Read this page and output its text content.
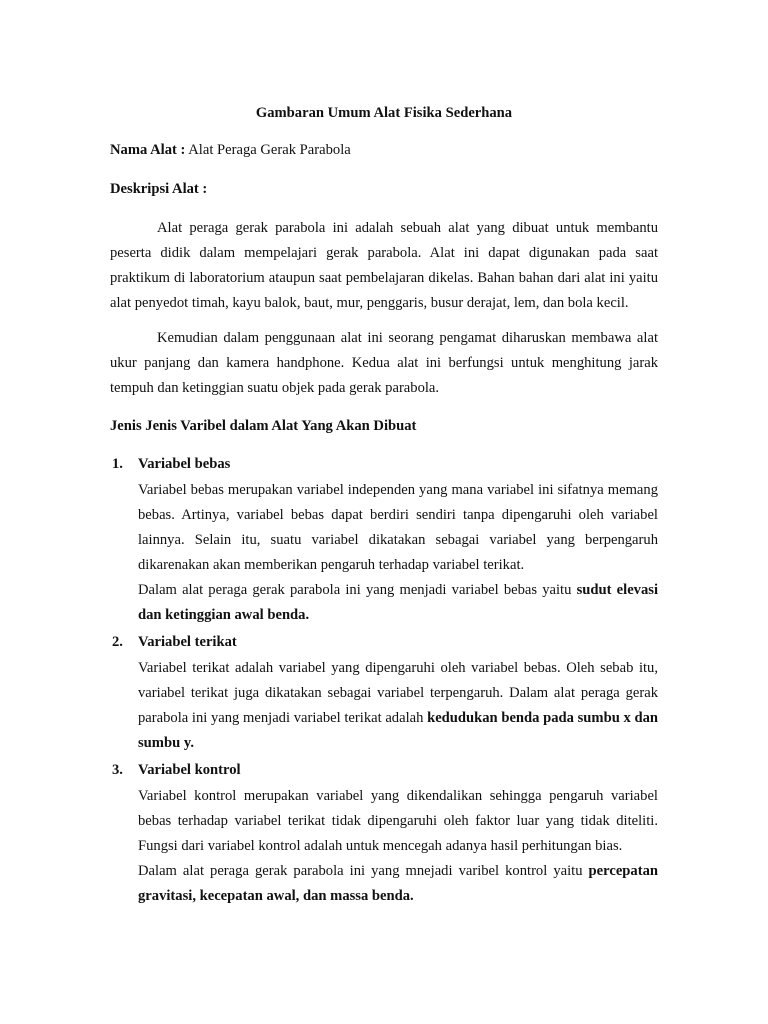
Gambaran Umum Alat Fisika Sederhana
Nama Alat : Alat Peraga Gerak Parabola
Deskripsi Alat :

Alat peraga gerak parabola ini adalah sebuah alat yang dibuat untuk membantu peserta didik dalam mempelajari gerak parabola. Alat ini dapat digunakan pada saat praktikum di laboratorium ataupun saat pembelajaran dikelas. Bahan bahan dari alat ini yaitu alat penyedot timah, kayu balok, baut, mur, penggaris, busur derajat, lem, dan bola kecil.

Kemudian dalam penggunaan alat ini seorang pengamat diharuskan membawa alat ukur panjang dan kamera handphone. Kedua alat ini berfungsi untuk menghitung jarak tempuh dan ketinggian suatu objek pada gerak parabola.

Jenis Jenis Varibel dalam Alat Yang Akan Dibuat
1. Variabel bebas

Variabel bebas merupakan variabel independen yang mana variabel ini sifatnya memang bebas. Artinya, variabel bebas dapat berdiri sendiri tanpa dipengaruhi oleh variabel lainnya. Selain itu, suatu variabel dikatakan sebagai variabel yang berpengaruh dikarenakan akan memberikan pengaruh terhadap variabel terikat.

Dalam alat peraga gerak parabola ini yang menjadi variabel bebas yaitu sudut elevasi dan ketinggian awal benda.

2. Variabel terikat

Variabel terikat adalah variabel yang dipengaruhi oleh variabel bebas. Oleh sebab itu, variabel terikat juga dikatakan sebagai variabel terpengaruh. Dalam alat peraga gerak parabola ini yang menjadi variabel terikat adalah kedudukan benda pada sumbu x dan sumbu y.

3. Variabel kontrol

Variabel kontrol merupakan variabel yang dikendalikan sehingga pengaruh variabel bebas terhadap variabel terikat tidak dipengaruhi oleh faktor luar yang tidak diteliti. Fungsi dari variabel kontrol adalah untuk mencegah adanya hasil perhitungan bias.

Dalam alat peraga gerak parabola ini yang mnejadi varibel kontrol yaitu percepatan gravitasi, kecepatan awal, dan massa benda.
